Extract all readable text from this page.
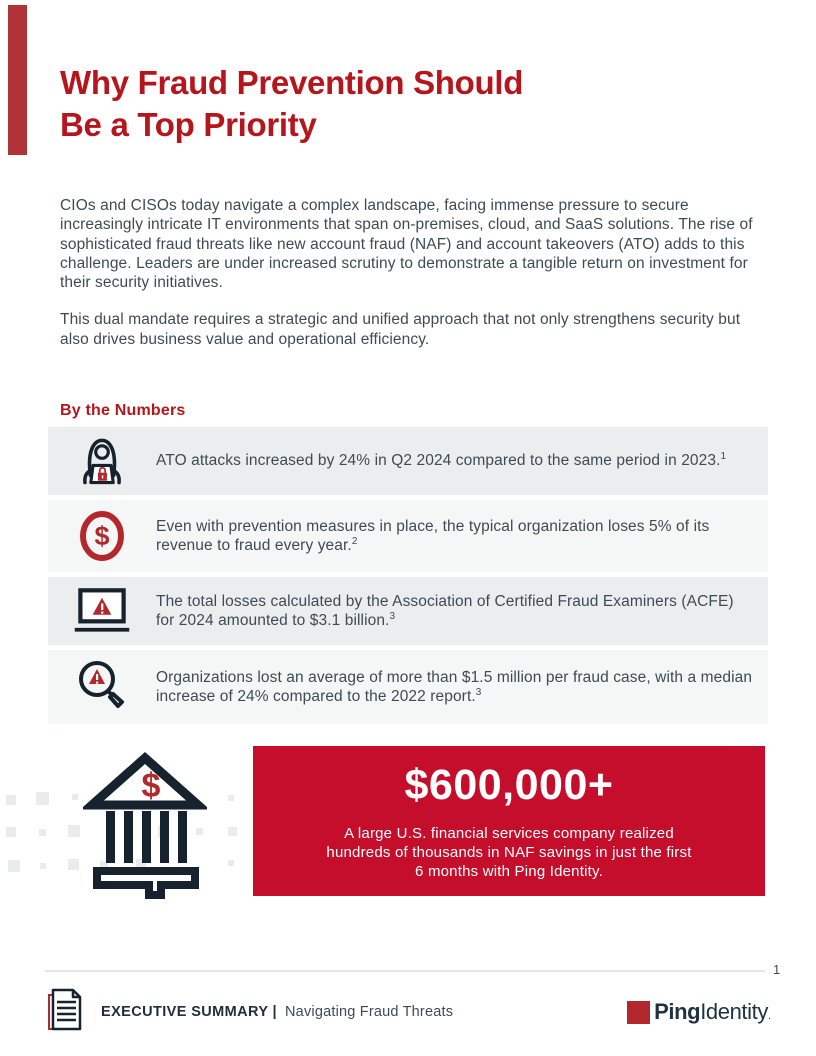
Why Fraud Prevention Should
Be a Top Priority

CIOs and CISOs today navigate a complex landscape, facing immense pressure to secure increasingly intricate IT environments that span on-premises, cloud, and SaaS solutions. The rise of sophisticated fraud threats like new account fraud (NAF) and account takeovers (ATO) adds to this challenge. Leaders are under increased scrutiny to demonstrate a tangible return on investment for their security initiatives.

This dual mandate requires a strategic and unified approach that not only strengthens security but also drives business value and operational efficiency.

By the Numbers
ATO attacks increased by 24% in Q2 2024 compared to the same period in 2023.$^1$
$	Even with prevention measures in place, the typical organization loses 5% of its revenue to fraud every year.$^2$
The total losses calculated by the Association of Certified Fraud Examiners (ACFE) for 2024 amounted to $3.1 billion.$^3$
Organizations lost an average of more than $1.5 million per fraud case, with a median increase of 24% compared to the 2022 report.$^3$
$	$600,000+
A large U.S. financial services company realized
hundreds of thousands in NAF savings in just the first
6 months with Ping Identity.
1
EXECUTIVE SUMMARY | Navigating Fraud Threats	Ping Identity .
